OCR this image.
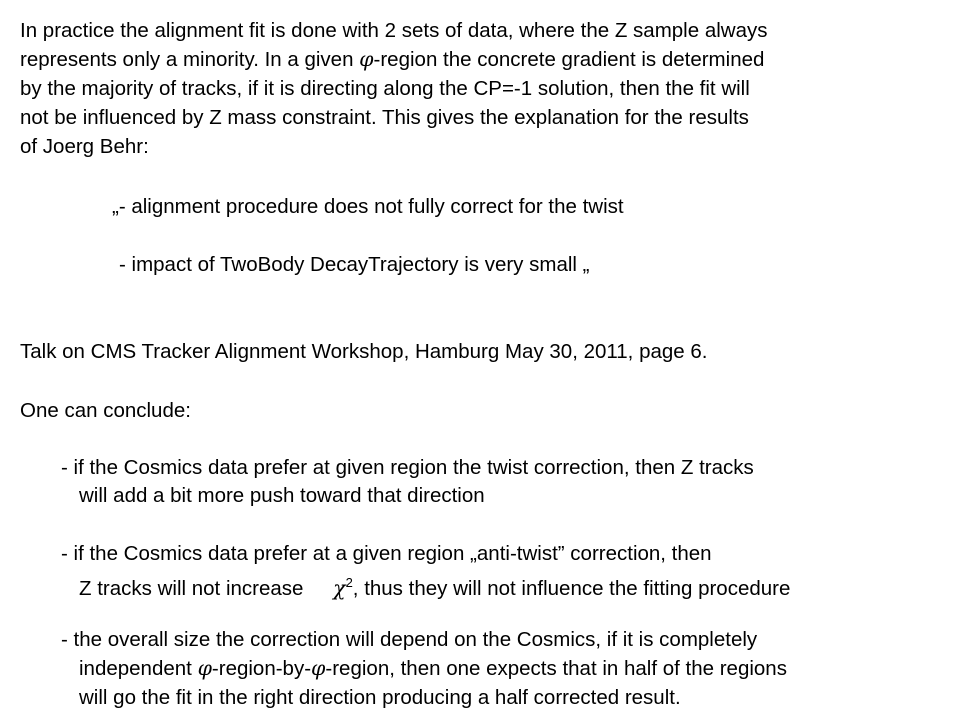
In practice the alignment fit is done with 2 sets of data, where the Z sample always
represents only a minority. In a given φ-region the concrete gradient is determined
by the majority of tracks, if it is directing along the CP=-1 solution, then the fit will
not be influenced by Z mass constraint. This gives the explanation for the results
of Joerg Behr:
„- alignment procedure does not fully correct for the twist
- impact of TwoBody DecayTrajectory is very small „
Talk on CMS Tracker Alignment Workshop, Hamburg May 30, 2011, page 6.
One can conclude:
- if the Cosmics data prefer at given region the twist correction, then Z tracks
will add a bit more push toward that direction
- if the Cosmics data prefer at a given region „anti-twist” correction, then
Z tracks will not increase $\chi^2$, thus they will not influence the fitting procedure
- the overall size the correction will depend on the Cosmics, if it is completely
independent φ-region-by-φ-region, then one expects that in half of the regions
will go the fit in the right direction producing a half corrected result.
